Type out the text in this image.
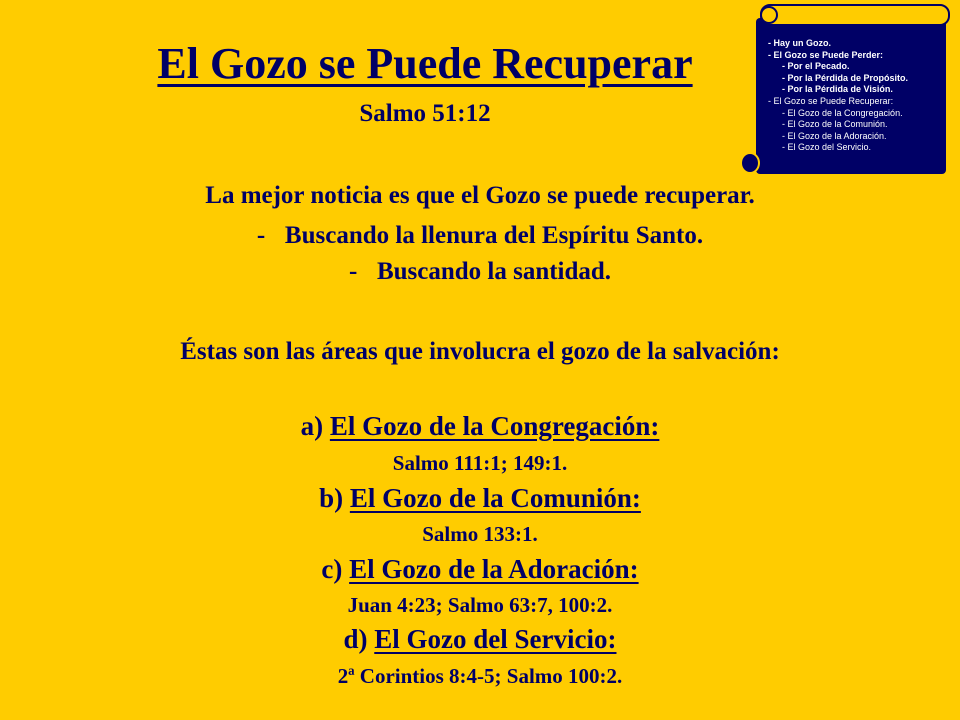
El Gozo se Puede Recuperar
Salmo 51:12
La mejor noticia es que el Gozo se puede recuperar.
- Buscando la llenura del Espíritu Santo.
- Buscando la santidad.
Éstas son las áreas que involucra el gozo de la salvación:
a) El Gozo de la Congregación:
Salmo 111:1; 149:1.
b) El Gozo de la Comunión:
Salmo 133:1.
c) El Gozo de la Adoración:
Juan 4:23; Salmo 63:7, 100:2.
d) El Gozo del Servicio:
2ª Corintios 8:4-5; Salmo 100:2.
- Hay un Gozo.
- El Gozo se Puede Perder:
- Por el Pecado.
- Por la Pérdida de Propósito.
- Por la Pérdida de Visión.
- El Gozo se Puede Recuperar:
- El Gozo de la Congregación.
- El Gozo de la Comunión.
- El Gozo de la Adoración.
- El Gozo del Servicio.
